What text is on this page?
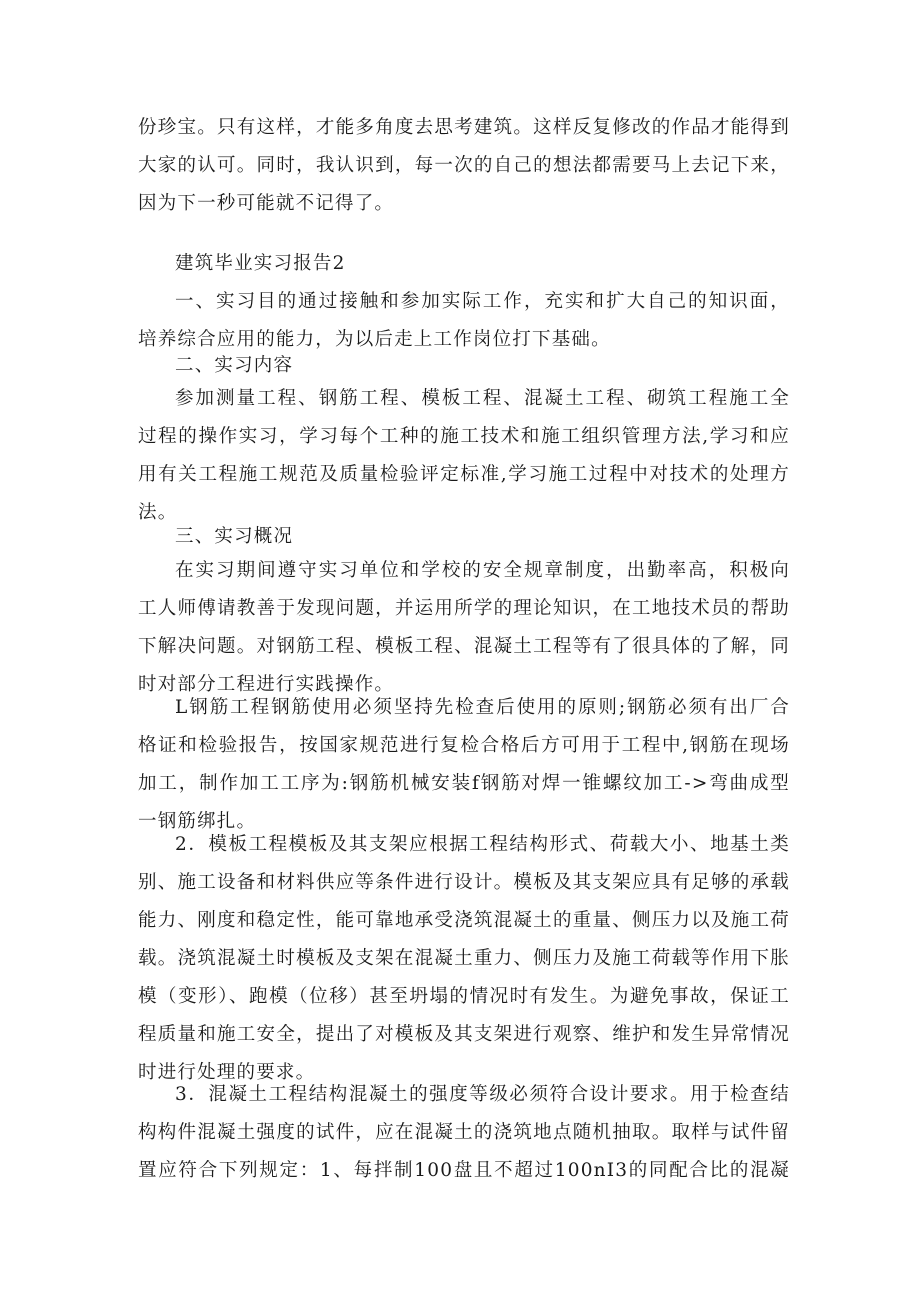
份珍宝。只有这样，才能多角度去思考建筑。这样反复修改的作品才能得到
大家的认可。同时，我认识到，每一次的自己的想法都需要马上去记下来，
因为下一秒可能就不记得了。

建筑毕业实习报告2

一、实习目的通过接触和参加实际工作，充实和扩大自己的知识面，
培养综合应用的能力，为以后走上工作岗位打下基础。

二、实习内容

参加测量工程、钢筋工程、模板工程、混凝土工程、砌筑工程施工全
过程的操作实习，学习每个工种的施工技术和施工组织管理方法,学习和应
用有关工程施工规范及质量检验评定标准,学习施工过程中对技术的处理方
法。

三、实习概况

在实习期间遵守实习单位和学校的安全规章制度，出勤率高，积极向
工人师傅请教善于发现问题，并运用所学的理论知识，在工地技术员的帮助
下解决问题。对钢筋工程、模板工程、混凝土工程等有了很具体的了解，同
时对部分工程进行实践操作。

L钢筋工程钢筋使用必须坚持先检查后使用的原则;钢筋必须有出厂合
格证和检验报告，按国家规范进行复检合格后方可用于工程中,钢筋在现场
加工，制作加工工序为:钢筋机械安装f钢筋对焊一锥螺纹加工->弯曲成型
一钢筋绑扎。

2．模板工程模板及其支架应根据工程结构形式、荷载大小、地基土类
别、施工设备和材料供应等条件进行设计。模板及其支架应具有足够的承载
能力、刚度和稳定性，能可靠地承受浇筑混凝土的重量、侧压力以及施工荷
载。浇筑混凝土时模板及支架在混凝土重力、侧压力及施工荷载等作用下胀
模（变形）、跑模（位移）甚至坍塌的情况时有发生。为避免事故，保证工
程质量和施工安全，提出了对模板及其支架进行观察、维护和发生异常情况
时进行处理的要求。

3．混凝土工程结构混凝土的强度等级必须符合设计要求。用于检查结
构构件混凝土强度的试件，应在混凝土的浇筑地点随机抽取。取样与试件留
置应符合下列规定：1、每拌制100盘且不超过100nI3的同配合比的混凝
